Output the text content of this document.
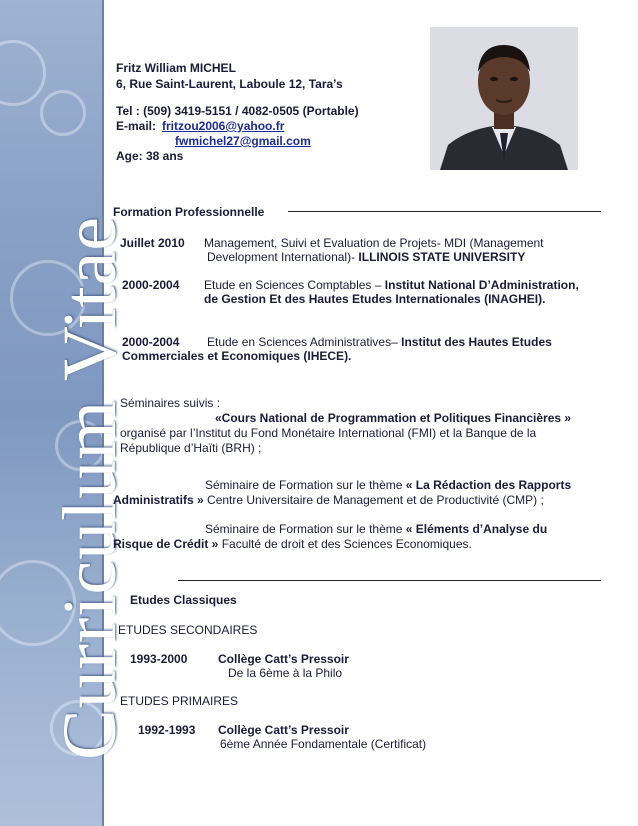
Curriculum Vitae
Fritz William MICHEL
6, Rue Saint-Laurent, Laboule 12, Tara’s
Tel : (509) 3419-5151 / 4082-0505 (Portable)
E-mail: fritzou2006@yahoo.fr
fwmichel27@gmail.com
Age: 38 ans
Formation Professionnelle
Juillet 2010 Management, Suivi et Evaluation de Projets- MDI (Management
Development International)- ILLINOIS STATE UNIVERSITY
2000-2004 Etude en Sciences Comptables – Institut National D’Administration,
de Gestion Et des Hautes Etudes Internationales (INAGHEI).
2000-2004 Etude en Sciences Administratives– Institut des Hautes Etudes
Commerciales et Economiques (IHECE).
Séminaires suivis :
«Cours National de Programmation et Politiques Financières »
organisé par l’Institut du Fond Monétaire International (FMI) et la Banque de la
République d’Haïti (BRH) ;
Séminaire de Formation sur le thème « La Rédaction des Rapports
Administratifs » Centre Universitaire de Management et de Productivité (CMP) ;
Séminaire de Formation sur le thème « Eléments d’Analyse du
Risque de Crédit » Faculté de droit et des Sciences Economiques.
Etudes Classiques
ETUDES SECONDAIRES
1993-2000	Collège Catt’s Pressoir
De la 6ème à la Philo
ETUDES PRIMAIRES
1992-1993 Collège Catt’s Pressoir
6ème Année Fondamentale (Certificat)
